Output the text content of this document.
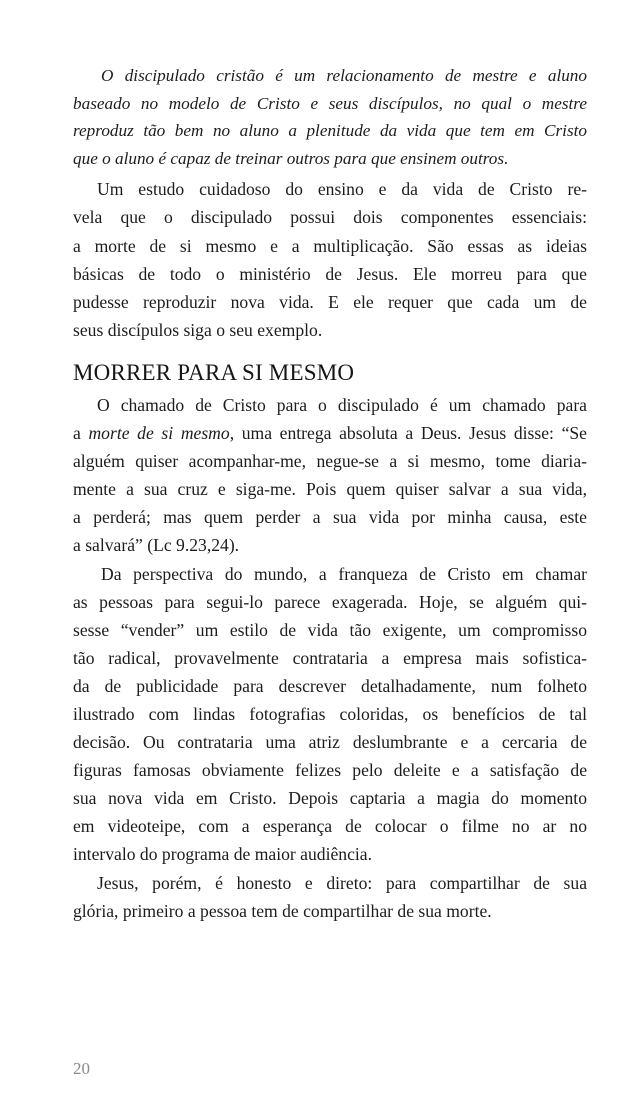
O discipulado cristão é um relacionamento de mestre e aluno
baseado no modelo de Cristo e seus discípulos, no qual o mestre
reproduz tão bem no aluno a plenitude da vida que tem em Cristo
que o aluno é capaz de treinar outros para que ensinem outros.
Um estudo cuidadoso do ensino e da vida de Cristo re-
vela que o discipulado possui dois componentes essenciais:
a morte de si mesmo e a multiplicação. São essas as ideias
básicas de todo o ministério de Jesus. Ele morreu para que
pudesse reproduzir nova vida. E ele requer que cada um de
seus discípulos siga o seu exemplo.
MORRER PARA SI MESMO
O chamado de Cristo para o discipulado é um chamado para
a morte de si mesmo, uma entrega absoluta a Deus. Jesus disse: “Se
alguém quiser acompanhar-me, negue-se a si mesmo, tome diaria-
mente a sua cruz e siga-me. Pois quem quiser salvar a sua vida,
a perderá; mas quem perder a sua vida por minha causa, este
a salvará” (Lc 9.23,24).
Da perspectiva do mundo, a franqueza de Cristo em chamar
as pessoas para segui-lo parece exagerada. Hoje, se alguém qui-
sesse “vender” um estilo de vida tão exigente, um compromisso
tão radical, provavelmente contrataria a empresa mais sofistica-
da de publicidade para descrever detalhadamente, num folheto
ilustrado com lindas fotografias coloridas, os benefícios de tal
decisão. Ou contrataria uma atriz deslumbrante e a cercaria de
figuras famosas obviamente felizes pelo deleite e a satisfação de
sua nova vida em Cristo. Depois captaria a magia do momento
em videoteipe, com a esperança de colocar o filme no ar no
intervalo do programa de maior audiência.
Jesus, porém, é honesto e direto: para compartilhar de sua
glória, primeiro a pessoa tem de compartilhar de sua morte.
20
